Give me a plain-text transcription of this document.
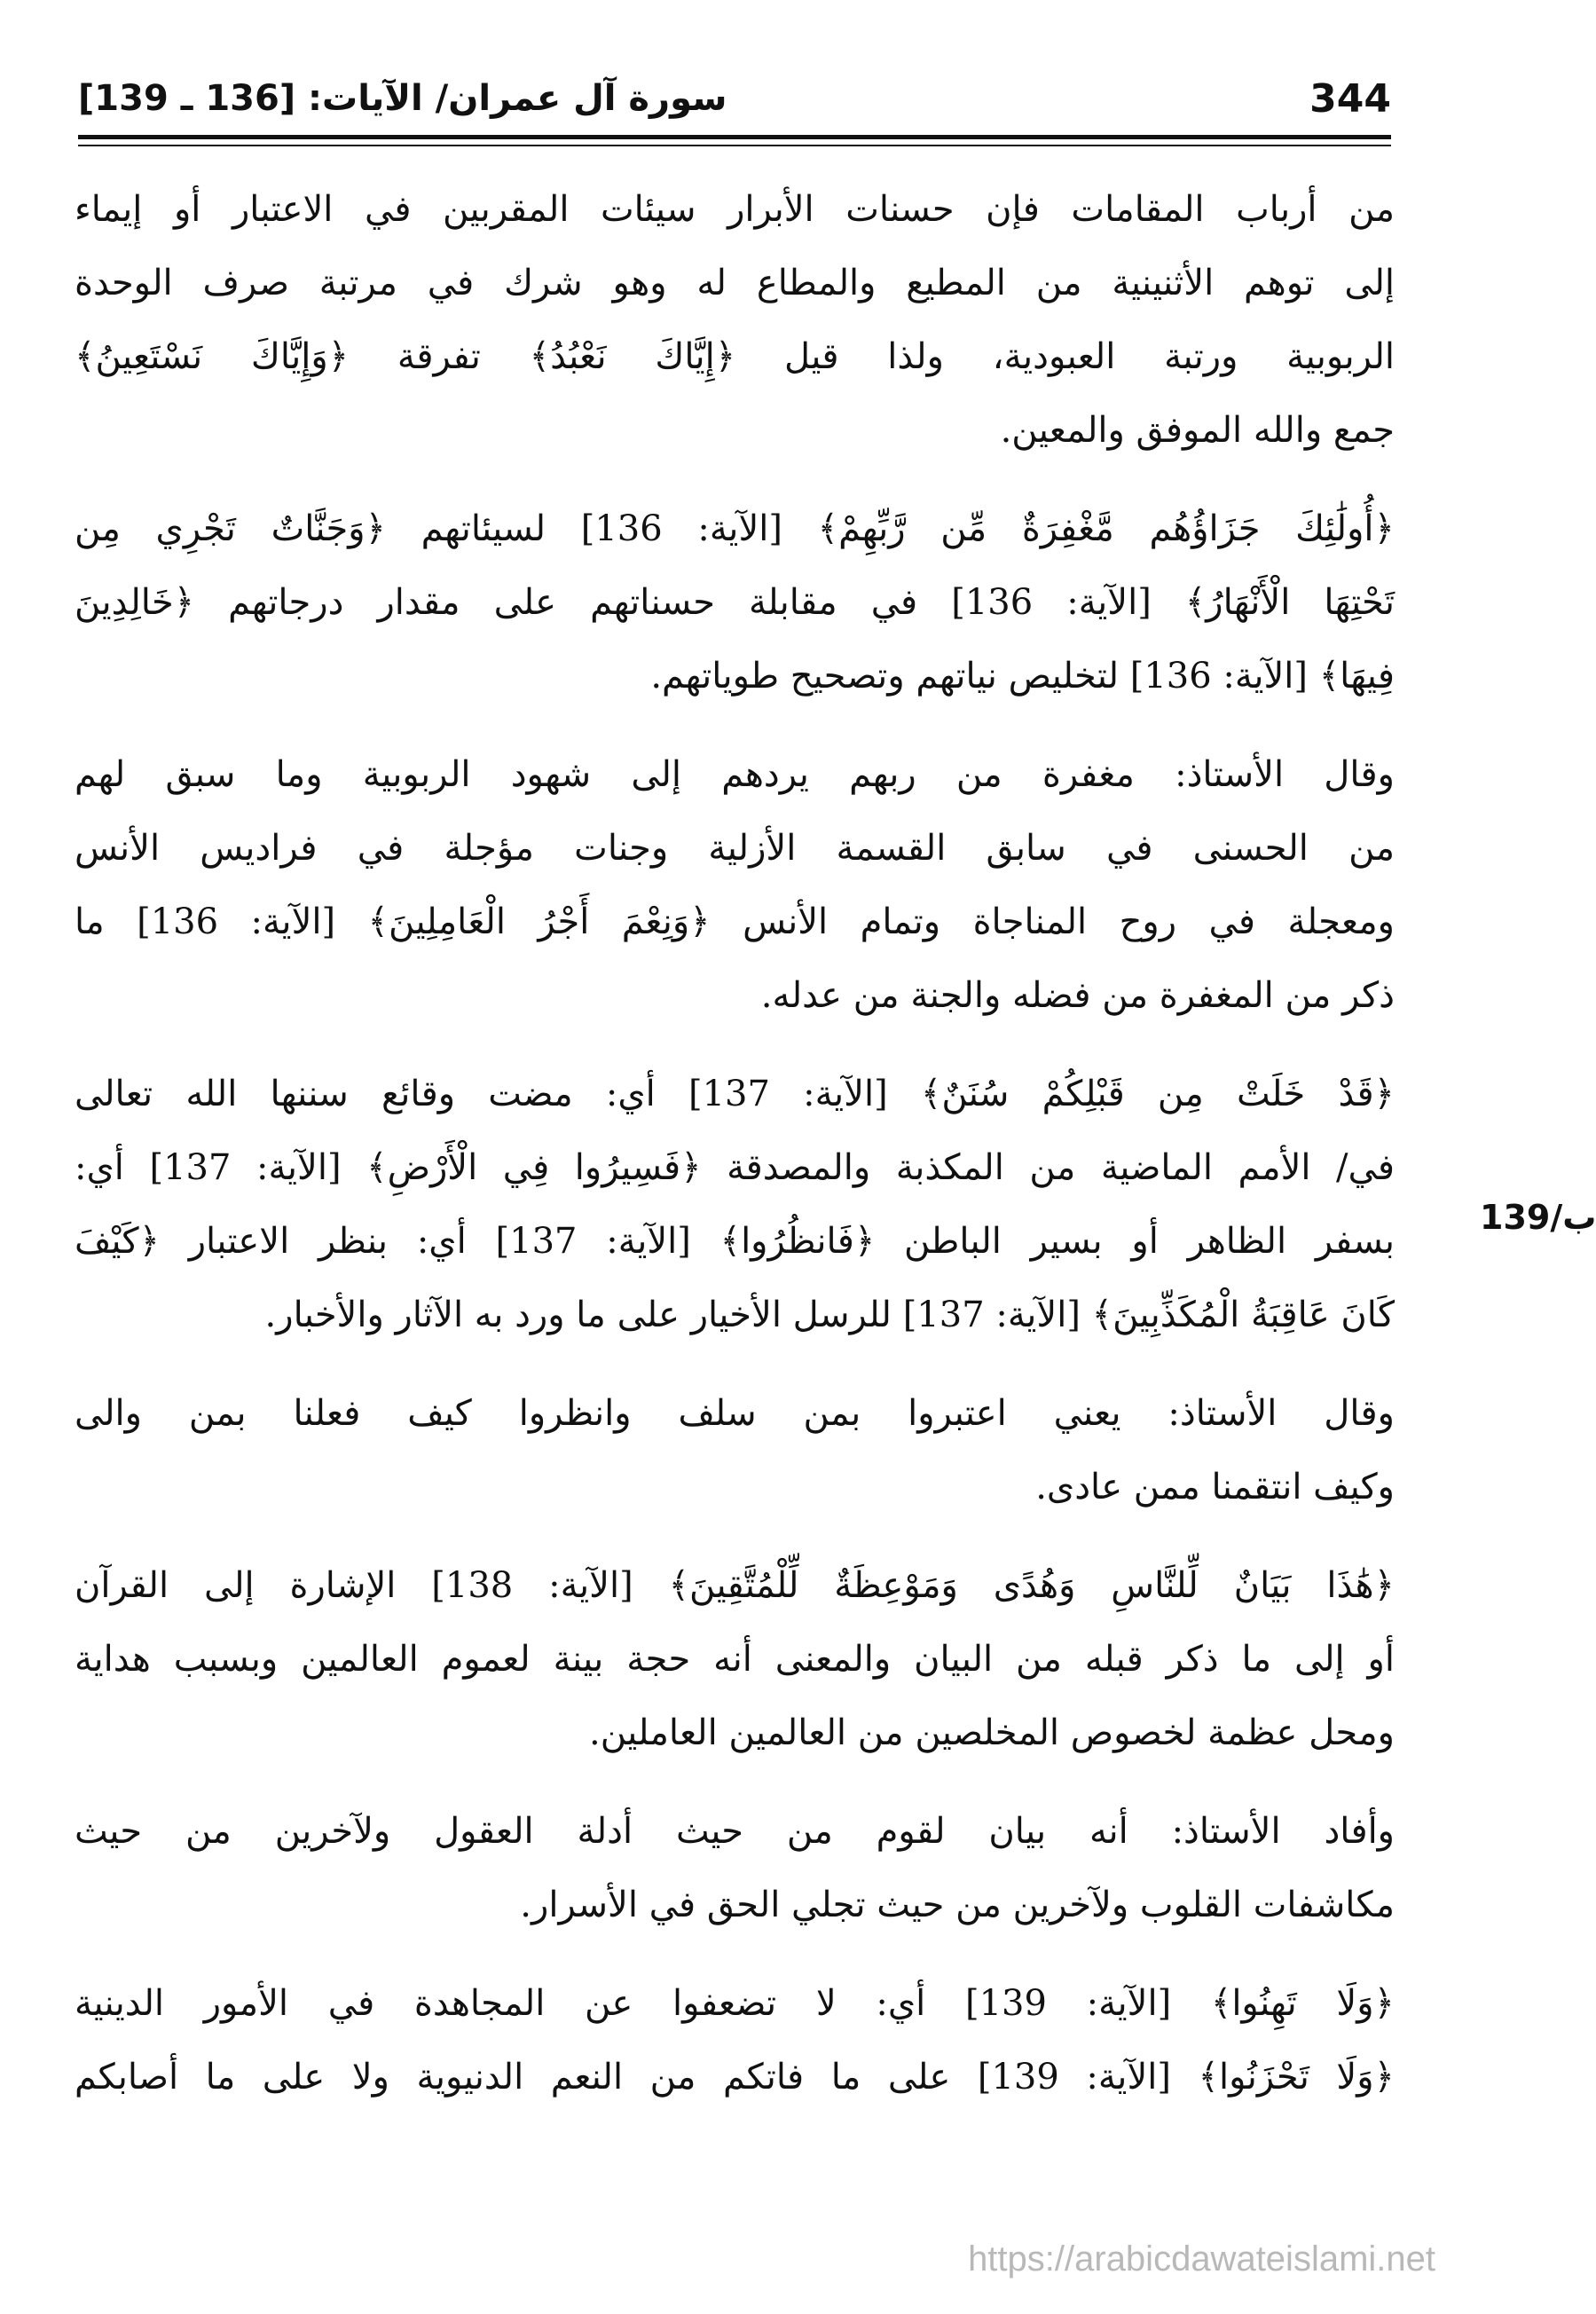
344
سورة آل عمران/ الآيات: [136 ـ 139]
من أرباب المقامات فإن حسنات الأبرار سيئات المقربين في الاعتبار أو إيماء
إلى توهم الأثنينية من المطيع والمطاع له وهو شرك في مرتبة صرف الوحدة
الربوبية ورتبة العبودية، ولذا قيل ﴿إِيَّاكَ نَعْبُدُ﴾ تفرقة ﴿وَإِيَّاكَ نَسْتَعِينُ﴾
جمع والله الموفق والمعين.
﴿أُولَٰئِكَ جَزَاؤُهُم مَّغْفِرَةٌ مِّن رَّبِّهِمْ﴾ [الآية: 136] لسيئاتهم ﴿وَجَنَّاتٌ تَجْرِي مِن
تَحْتِهَا الْأَنْهَارُ﴾ [الآية: 136] في مقابلة حسناتهم على مقدار درجاتهم ﴿خَالِدِينَ
فِيهَا﴾ [الآية: 136] لتخليص نياتهم وتصحيح طوياتهم.
وقال الأستاذ: مغفرة من ربهم يردهم إلى شهود الربوبية وما سبق لهم
من الحسنى في سابق القسمة الأزلية وجنات مؤجلة في فراديس الأنس
ومعجلة في روح المناجاة وتمام الأنس ﴿وَنِعْمَ أَجْرُ الْعَامِلِينَ﴾ [الآية: 136] ما
ذكر من المغفرة من فضله والجنة من عدله.
﴿قَدْ خَلَتْ مِن قَبْلِكُمْ سُنَنٌ﴾ [الآية: 137] أي: مضت وقائع سننها الله تعالى
في/ الأمم الماضية من المكذبة والمصدقة ﴿فَسِيرُوا فِي الْأَرْضِ﴾ [الآية: 137] أي:
بسفر الظاهر أو بسير الباطن ﴿فَانظُرُوا﴾ [الآية: 137] أي: بنظر الاعتبار ﴿كَيْفَ
كَانَ عَاقِبَةُ الْمُكَذِّبِينَ﴾ [الآية: 137] للرسل الأخيار على ما ورد به الآثار والأخبار.
وقال الأستاذ: يعني اعتبروا بمن سلف وانظروا كيف فعلنا بمن والى
وكيف انتقمنا ممن عادى.
﴿هَٰذَا بَيَانٌ لِّلنَّاسِ وَهُدًى وَمَوْعِظَةٌ لِّلْمُتَّقِينَ﴾ [الآية: 138] الإشارة إلى القرآن
أو إلى ما ذكر قبله من البيان والمعنى أنه حجة بينة لعموم العالمين وبسبب هداية
ومحل عظمة لخصوص المخلصين من العالمين العاملين.
وأفاد الأستاذ: أنه بيان لقوم من حيث أدلة العقول ولآخرين من حيث
مكاشفات القلوب ولآخرين من حيث تجلي الحق في الأسرار.
﴿وَلَا تَهِنُوا﴾ [الآية: 139] أي: لا تضعفوا عن المجاهدة في الأمور الدينية
﴿وَلَا تَحْزَنُوا﴾ [الآية: 139] على ما فاتكم من النعم الدنيوية ولا على ما أصابكم
139/ب
https://arabicdawateislami.net
